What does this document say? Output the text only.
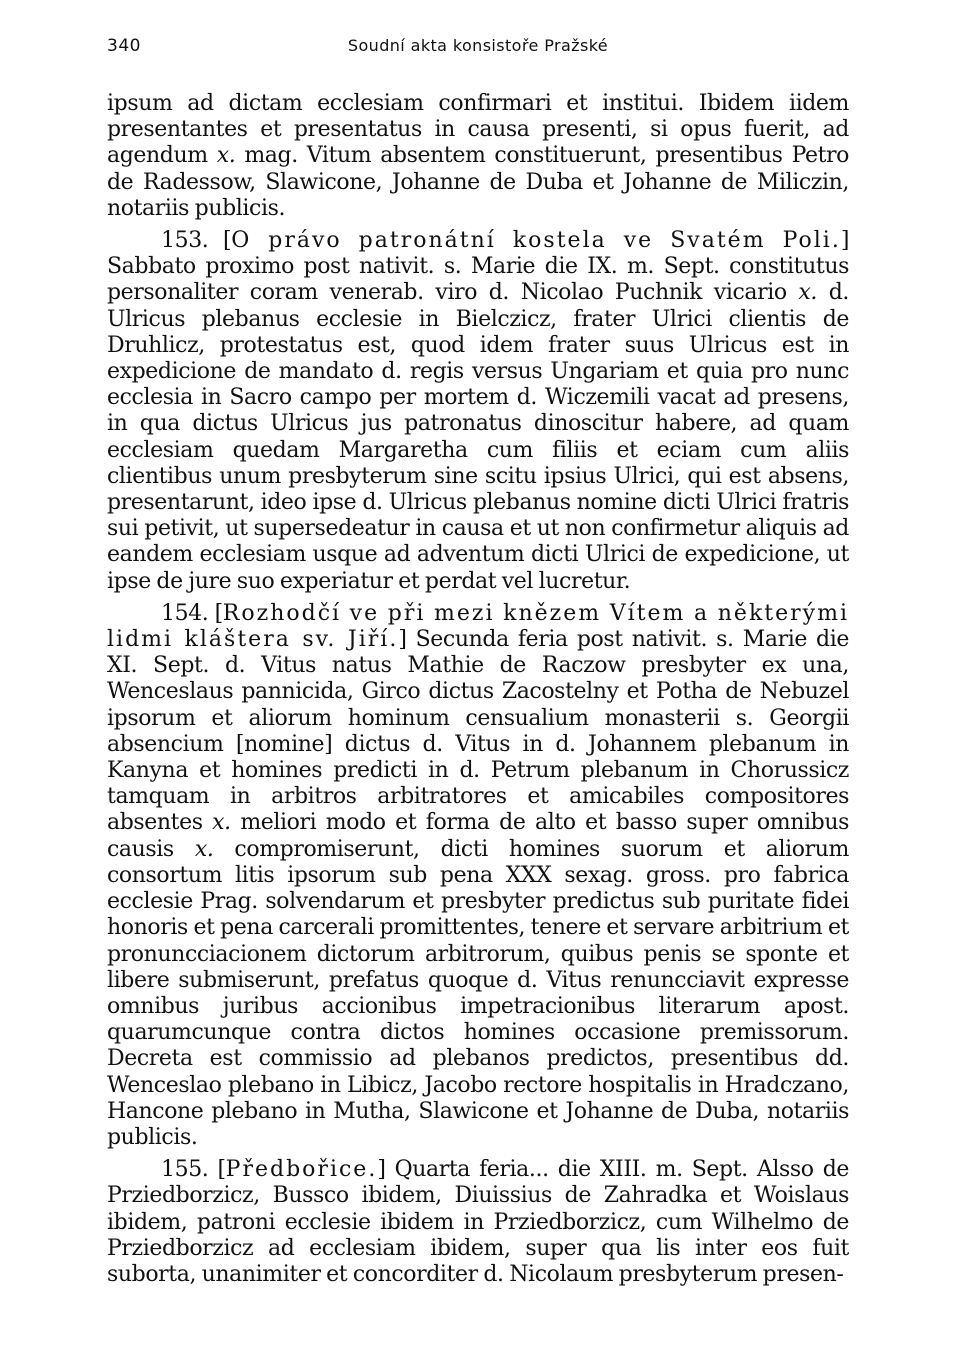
340	Soudní akta konsistoře Pražské

ipsum ad dictam ecclesiam confirmari et institui. Ibidem iidem presentantes et presentatus in causa presenti, si opus fuerit, ad agendum x. mag. Vitum absentem constituerunt, presentibus Petro de Radessow, Slawicone, Johanne de Duba et Johanne de Miliczin, notariis publicis.

153. [O právo patronátní kostela ve Svatém Poli.] Sabbato proximo post nativit. s. Marie die IX. m. Sept. constitutus personaliter coram venerab. viro d. Nicolao Puchnik vicario x. d. Ulricus plebanus ecclesie in Bielczicz, frater Ulrici clientis de Druhlicz, protestatus est, quod idem frater suus Ulricus est in expedicione de mandato d. regis versus Ungariam et quia pro nunc ecclesia in Sacro campo per mortem d. Wiczemili vacat ad presens, in qua dictus Ulricus jus patronatus dinoscitur habere, ad quam ecclesiam quedam Margaretha cum filiis et eciam cum aliis clientibus unum presbyterum sine scitu ipsius Ulrici, qui est absens, presentarunt, ideo ipse d. Ulricus plebanus nomine dicti Ulrici fratris sui petivit, ut supersedeatur in causa et ut non confirmetur aliquis ad eandem ecclesiam usque ad adventum dicti Ulrici de expedicione, ut ipse de jure suo experiatur et perdat vel lucretur.

154. [Rozhodčí ve při mezi knězem Vítem a některými lidmi kláštera sv. Jiří.] Secunda feria post nativit. s. Marie die XI. Sept. d. Vitus natus Mathie de Raczow presbyter ex una, Wenceslaus pannicida, Girco dictus Zacostelny et Potha de Nebuzel ipsorum et aliorum hominum censualium monasterii s. Georgii absencium [nomine] dictus d. Vitus in d. Johannem plebanum in Kanyna et homines predicti in d. Petrum plebanum in Chorussicz tamquam in arbitros arbitratores et amicabiles compositores absentes x. meliori modo et forma de alto et basso super omnibus causis x. compromiserunt, dicti homines suorum et aliorum consortum litis ipsorum sub pena XXX sexag. gross. pro fabrica ecclesie Prag. solvendarum et presbyter predictus sub puritate fidei honoris et pena carcerali promittentes, tenere et servare arbitrium et pronuncciacionem dictorum arbitrorum, quibus penis se sponte et libere submiserunt, prefatus quoque d. Vitus renuncciavit expresse omnibus juribus accionibus impetracionibus literarum apost. quarumcunque contra dictos homines occasione premissorum. Decreta est commissio ad plebanos predictos, presentibus dd. Wenceslao plebano in Libicz, Jacobo rectore hospitalis in Hradczano, Hancone plebano in Mutha, Slawicone et Johanne de Duba, notariis publicis.

155. [Předbořice.] Quarta feria... die XIII. m. Sept. Alsso de Prziedborzicz, Bussco ibidem, Diuissius de Zahradka et Woislaus ibidem, patroni ecclesie ibidem in Prziedborzicz, cum Wilhelmo de Prziedborzicz ad ecclesiam ibidem, super qua lis inter eos fuit suborta, unanimiter et concorditer d. Nicolaum presbyterum presen-
